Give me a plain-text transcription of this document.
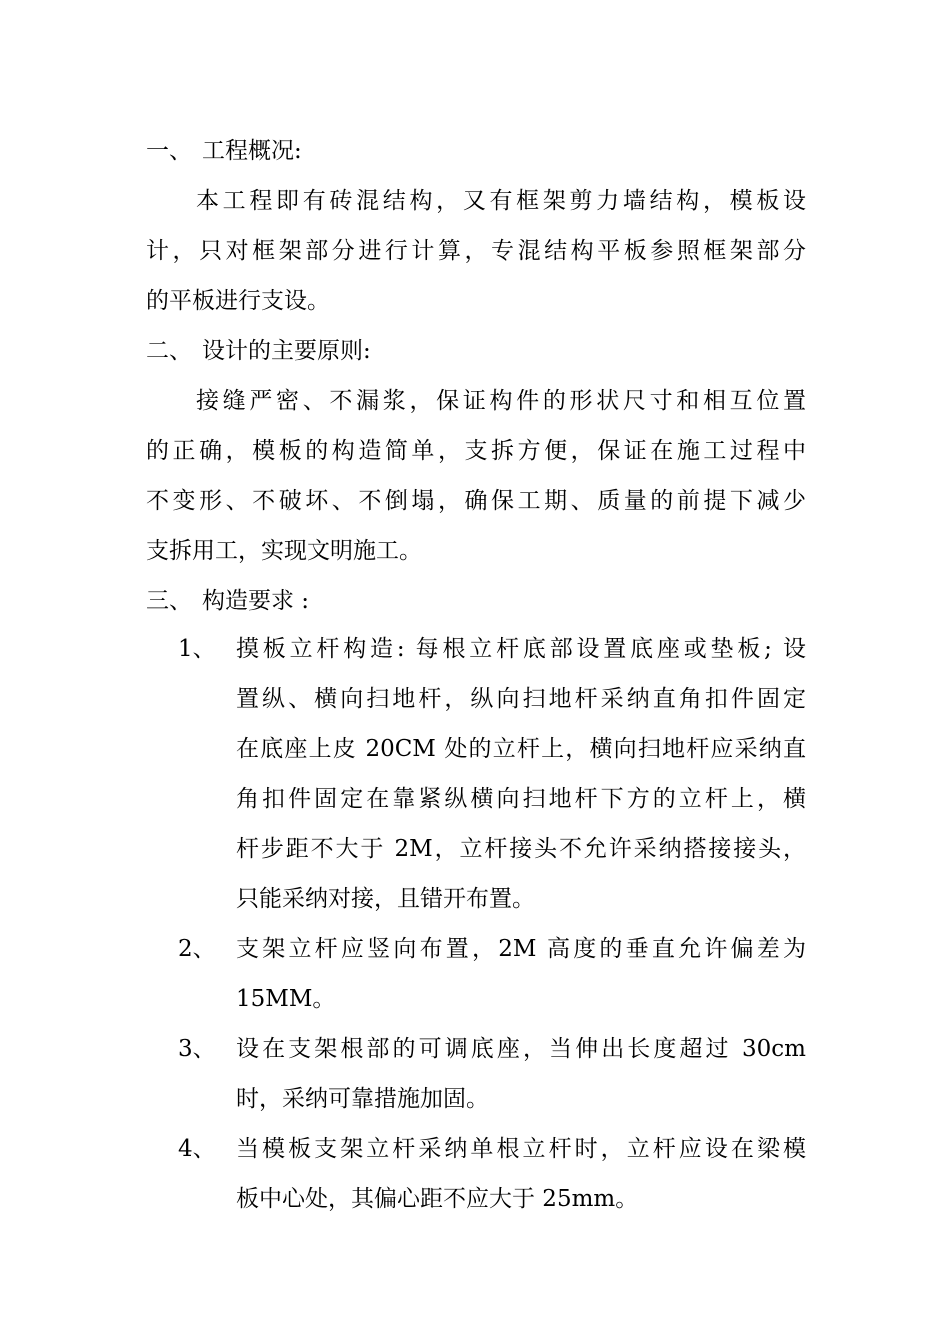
一、 工程概况:
本工程即有砖混结构，又有框架剪力墙结构，模板设
计，只对框架部分进行计算，专混结构平板参照框架部分
的平板进行支设。
二、 设计的主要原则:
接缝严密、不漏浆，保证构件的形状尺寸和相互位置
的正确，模板的构造简单，支拆方便，保证在施工过程中
不变形、不破坏、不倒塌，确保工期、质量的前提下减少
支拆用工，实现文明施工。
三、 构造要求 :
1、 摸板立杆构造: 每根立杆底部设置底座或垫板; 设
置纵、横向扫地杆，纵向扫地杆采纳直角扣件固定
在底座上皮 20CM 处的立杆上，横向扫地杆应采纳直
角扣件固定在靠紧纵横向扫地杆下方的立杆上，横
杆步距不大于 2M，立杆接头不允许采纳搭接接头，
只能采纳对接，且错开布置。
2、 支架立杆应竖向布置，2M 高度的垂直允许偏差为
15MM。
3、 设在支架根部的可调底座，当伸出长度超过 30cm
时，采纳可靠措施加固。
4、 当模板支架立杆采纳单根立杆时，立杆应设在梁模
板中心处，其偏心距不应大于 25mm。
